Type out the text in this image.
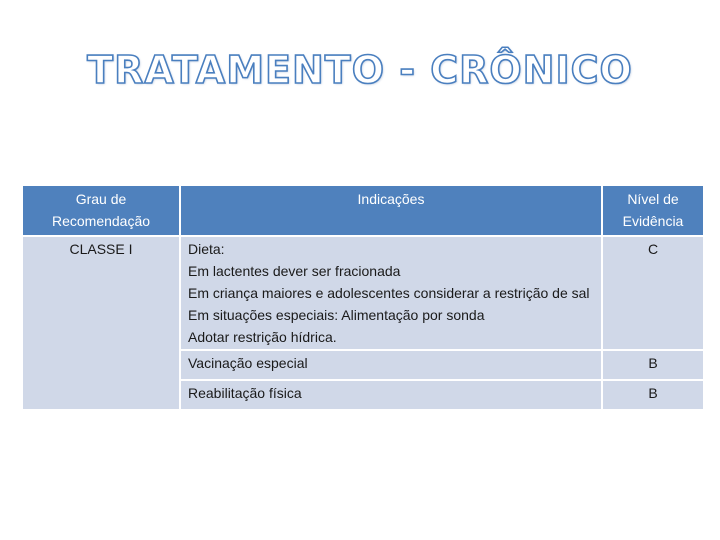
TRATAMENTO - CRÔNICO
Grau de
Recomendação	Indicações	Nível de
Evidência

CLASSE I	Dieta:
Em lactentes dever ser fracionada
Em criança maiores e adolescentes considerar a restrição de sal
Em situações especiais: Alimentação por sonda
Adotar restrição hídrica.	C
	Vacinação especial	B
	Reabilitação física	B
